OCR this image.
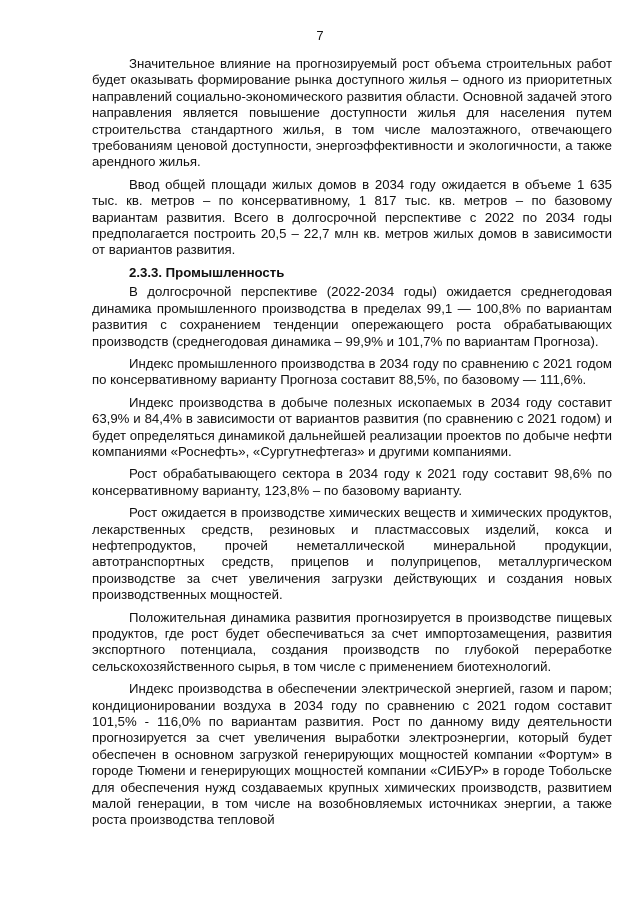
7

Значительное влияние на прогнозируемый рост объема строительных работ будет оказывать формирование рынка доступного жилья – одного из приоритетных направлений социально-экономического развития области. Основной задачей этого направления является повышение доступности жилья для населения путем строительства стандартного жилья, в том числе малоэтажного, отвечающего требованиям ценовой доступности, энергоэффективности и экологичности, а также арендного жилья.

Ввод общей площади жилых домов в 2034 году ожидается в объеме 1 635 тыс. кв. метров – по консервативному, 1 817 тыс. кв. метров – по базовому вариантам развития. Всего в долгосрочной перспективе с 2022 по 2034 годы предполагается построить 20,5 – 22,7 млн кв. метров жилых домов в зависимости от вариантов развития.

2.3.3. Промышленность

В долгосрочной перспективе (2022-2034 годы) ожидается среднегодовая динамика промышленного производства в пределах 99,1 — 100,8% по вариантам развития с сохранением тенденции опережающего роста обрабатывающих производств (среднегодовая динамика – 99,9% и 101,7% по вариантам Прогноза).

Индекс промышленного производства в 2034 году по сравнению с 2021 годом по консервативному варианту Прогноза составит 88,5%, по базовому — 111,6%.

Индекс производства в добыче полезных ископаемых в 2034 году составит 63,9% и 84,4% в зависимости от вариантов развития (по сравнению с 2021 годом) и будет определяться динамикой дальнейшей реализации проектов по добыче нефти компаниями «Роснефть», «Сургутнефтегаз» и другими компаниями.

Рост обрабатывающего сектора в 2034 году к 2021 году составит 98,6% по консервативному варианту, 123,8% – по базовому варианту.

Рост ожидается в производстве химических веществ и химических продуктов, лекарственных средств, резиновых и пластмассовых изделий, кокса и нефтепродуктов, прочей неметаллической минеральной продукции, автотранспортных средств, прицепов и полуприцепов, металлургическом производстве за счет увеличения загрузки действующих и создания новых производственных мощностей.

Положительная динамика развития прогнозируется в производстве пищевых продуктов, где рост будет обеспечиваться за счет импортозамещения, развития экспортного потенциала, создания производств по глубокой переработке сельскохозяйственного сырья, в том числе с применением биотехнологий.

Индекс производства в обеспечении электрической энергией, газом и паром; кондиционировании воздуха в 2034 году по сравнению с 2021 годом составит 101,5% - 116,0% по вариантам развития. Рост по данному виду деятельности прогнозируется за счет увеличения выработки электроэнергии, который будет обеспечен в основном загрузкой генерирующих мощностей компании «Фортум» в городе Тюмени и генерирующих мощностей компании «СИБУР» в городе Тобольске для обеспечения нужд создаваемых крупных химических производств, развитием малой генерации, в том числе на возобновляемых источниках энергии, а также роста производства тепловой
